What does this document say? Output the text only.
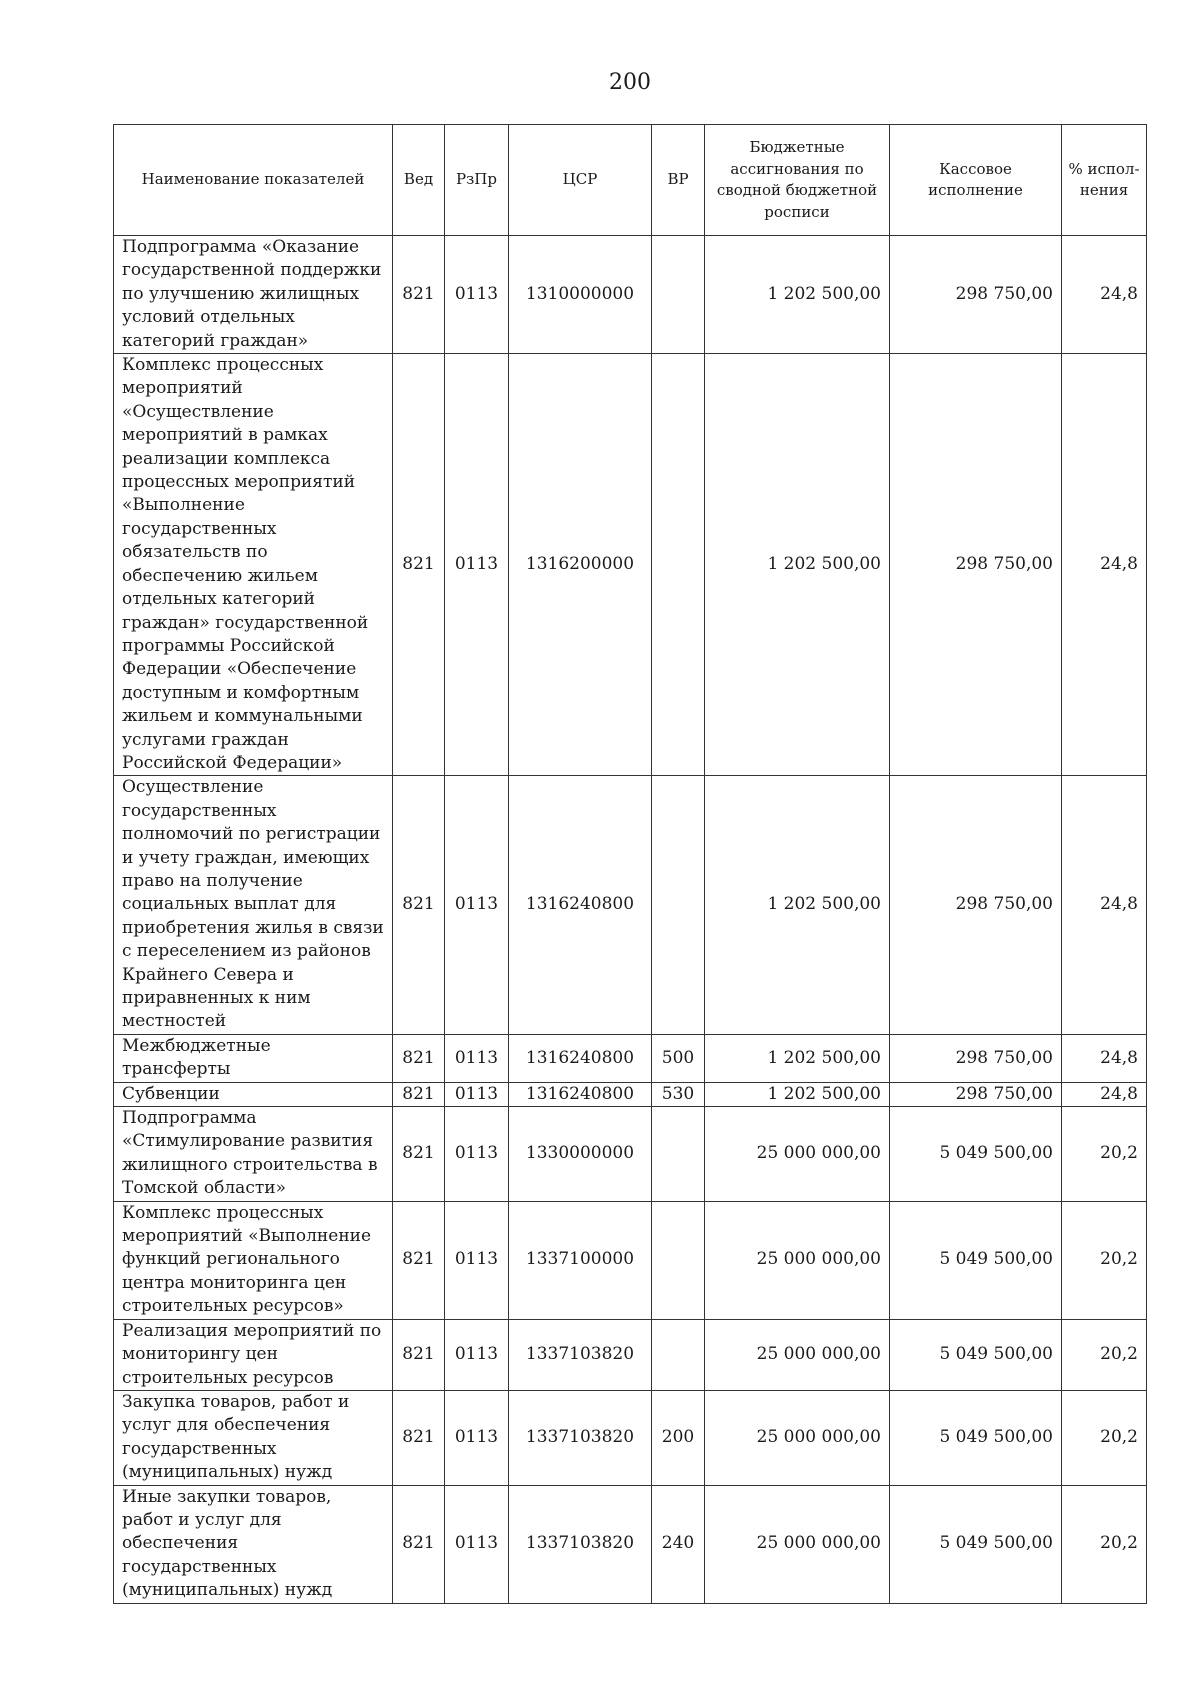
200
Наименование показателей	Вед	РзПр	ЦСР	ВР	Бюджетные ассигнования по сводной бюджетной росписи	Кассовое исполнение	% испол-нения
Подпрограмма «Оказание государственной поддержки по улучшению жилищных условий отдельных категорий граждан»	821	0113	1310000000		1 202 500,00	298 750,00	24,8
Комплекс процессных мероприятий «Осуществление мероприятий в рамках реализации комплекса процессных мероприятий «Выполнение государственных обязательств по обеспечению жильем отдельных категорий граждан» государственной программы Российской Федерации «Обеспечение доступным и комфортным жильем и коммунальными услугами граждан Российской Федерации»	821	0113	1316200000		1 202 500,00	298 750,00	24,8
Осуществление государственных полномочий по регистрации и учету граждан, имеющих право на получение социальных выплат для приобретения жилья в связи с переселением из районов Крайнего Севера и приравненных к ним местностей	821	0113	1316240800		1 202 500,00	298 750,00	24,8
Межбюджетные трансферты	821	0113	1316240800	500	1 202 500,00	298 750,00	24,8
Субвенции	821	0113	1316240800	530	1 202 500,00	298 750,00	24,8
Подпрограмма «Стимулирование развития жилищного строительства в Томской области»	821	0113	1330000000		25 000 000,00	5 049 500,00	20,2
Комплекс процессных мероприятий «Выполнение функций регионального центра мониторинга цен строительных ресурсов»	821	0113	1337100000		25 000 000,00	5 049 500,00	20,2
Реализация мероприятий по мониторингу цен строительных ресурсов	821	0113	1337103820		25 000 000,00	5 049 500,00	20,2
Закупка товаров, работ и услуг для обеспечения государственных (муниципальных) нужд	821	0113	1337103820	200	25 000 000,00	5 049 500,00	20,2
Иные закупки товаров, работ и услуг для обеспечения государственных (муниципальных) нужд	821	0113	1337103820	240	25 000 000,00	5 049 500,00	20,2
